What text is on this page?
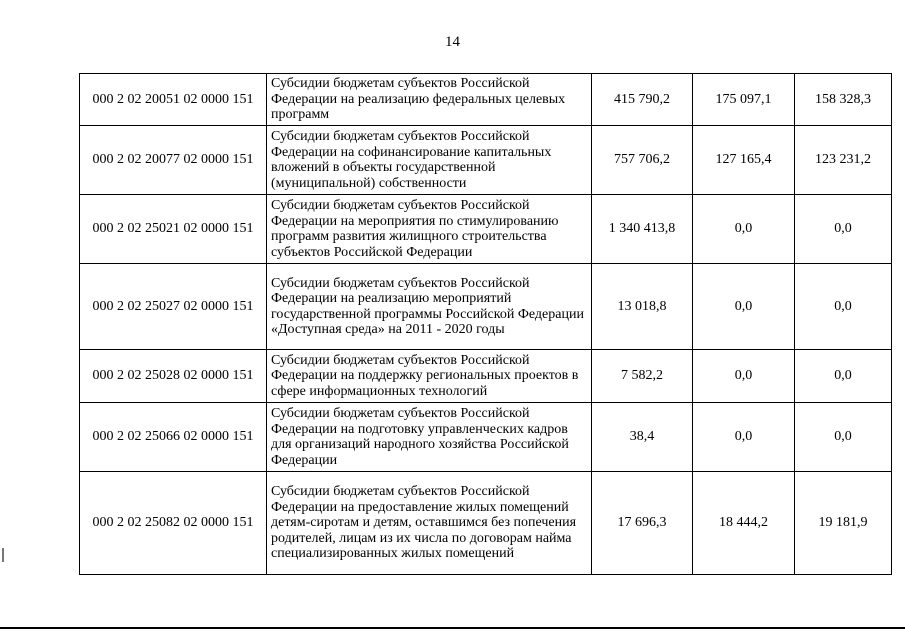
14
000 2 02 20051 02 0000 151	Субсидии бюджетам субъектов Российской Федерации на реализацию федеральных целевых программ	415 790,2	175 097,1	158 328,3
000 2 02 20077 02 0000 151	Субсидии бюджетам субъектов Российской Федерации на софинансирование капитальных вложений в объекты государственной (муниципальной) собственности	757 706,2	127 165,4	123 231,2
000 2 02 25021 02 0000 151	Субсидии бюджетам субъектов Российской Федерации на мероприятия по стимулированию программ развития жилищного строительства субъектов Российской Федерации	1 340 413,8	0,0	0,0
000 2 02 25027 02 0000 151	Субсидии бюджетам субъектов Российской Федерации на реализацию мероприятий государственной программы Российской Федерации «Доступная среда» на 2011 - 2020 годы	13 018,8	0,0	0,0
000 2 02 25028 02 0000 151	Субсидии бюджетам субъектов Российской Федерации на поддержку региональных проектов в сфере информационных технологий	7 582,2	0,0	0,0
000 2 02 25066 02 0000 151	Субсидии бюджетам субъектов Российской Федерации на подготовку управленческих кадров для организаций народного хозяйства Российской Федерации	38,4	0,0	0,0
000 2 02 25082 02 0000 151	Субсидии бюджетам субъектов Российской Федерации на предоставление жилых помещений детям-сиротам и детям, оставшимся без попечения родителей, лицам из их числа по договорам найма специализированных жилых помещений	17 696,3	18 444,2	19 181,9
